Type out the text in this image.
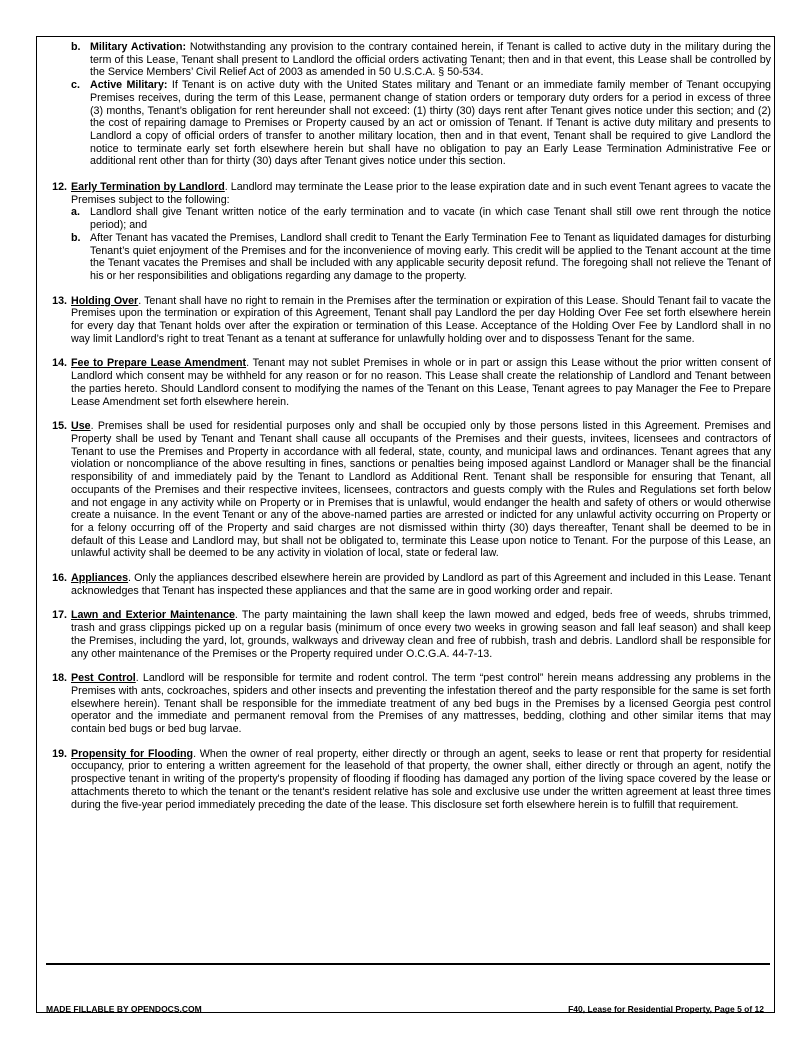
b. Military Activation: Notwithstanding any provision to the contrary contained herein, if Tenant is called to active duty in the military during the term of this Lease, Tenant shall present to Landlord the official orders activating Tenant; then and in that event, this Lease shall be controlled by the Service Members’ Civil Relief Act of 2003 as amended in 50 U.S.C.A. § 50-534.
c. Active Military: If Tenant is on active duty with the United States military and Tenant or an immediate family member of Tenant occupying Premises receives, during the term of this Lease, permanent change of station orders or temporary duty orders for a period in excess of three (3) months, Tenant’s obligation for rent hereunder shall not exceed: (1) thirty (30) days rent after Tenant gives notice under this section; and (2) the cost of repairing damage to Premises or Property caused by an act or omission of Tenant. If Tenant is active duty military and presents to Landlord a copy of official orders of transfer to another military location, then and in that event, Tenant shall be required to give Landlord the notice to terminate early set forth elsewhere herein but shall have no obligation to pay an Early Lease Termination Administrative Fee or additional rent other than for thirty (30) days after Tenant gives notice under this section.
12. Early Termination by Landlord. Landlord may terminate the Lease prior to the lease expiration date and in such event Tenant agrees to vacate the Premises subject to the following:
a. Landlord shall give Tenant written notice of the early termination and to vacate (in which case Tenant shall still owe rent through the notice period); and
b. After Tenant has vacated the Premises, Landlord shall credit to Tenant the Early Termination Fee to Tenant as liquidated damages for disturbing Tenant’s quiet enjoyment of the Premises and for the inconvenience of moving early. This credit will be applied to the Tenant account at the time the Tenant vacates the Premises and shall be included with any applicable security deposit refund. The foregoing shall not relieve the Tenant of his or her responsibilities and obligations regarding any damage to the property.
13. Holding Over. Tenant shall have no right to remain in the Premises after the termination or expiration of this Lease. Should Tenant fail to vacate the Premises upon the termination or expiration of this Agreement, Tenant shall pay Landlord the per day Holding Over Fee set forth elsewhere herein for every day that Tenant holds over after the expiration or termination of this Lease. Acceptance of the Holding Over Fee by Landlord shall in no way limit Landlord’s right to treat Tenant as a tenant at sufferance for unlawfully holding over and to dispossess Tenant for the same.
14. Fee to Prepare Lease Amendment. Tenant may not sublet Premises in whole or in part or assign this Lease without the prior written consent of Landlord which consent may be withheld for any reason or for no reason. This Lease shall create the relationship of Landlord and Tenant between the parties hereto. Should Landlord consent to modifying the names of the Tenant on this Lease, Tenant agrees to pay Manager the Fee to Prepare Lease Amendment set forth elsewhere herein.
15. Use. Premises shall be used for residential purposes only and shall be occupied only by those persons listed in this Agreement. Premises and Property shall be used by Tenant and Tenant shall cause all occupants of the Premises and their guests, invitees, licensees and contractors of Tenant to use the Premises and Property in accordance with all federal, state, county, and municipal laws and ordinances. Tenant agrees that any violation or noncompliance of the above resulting in fines, sanctions or penalties being imposed against Landlord or Manager shall be the financial responsibility of and immediately paid by the Tenant to Landlord as Additional Rent. Tenant shall be responsible for ensuring that Tenant, all occupants of the Premises and their respective invitees, licensees, contractors and guests comply with the Rules and Regulations set forth below and not engage in any activity while on Property or in Premises that is unlawful, would endanger the health and safety of others or would otherwise create a nuisance. In the event Tenant or any of the above-named parties are arrested or indicted for any unlawful activity occurring on Property or for a felony occurring off of the Property and said charges are not dismissed within thirty (30) days thereafter, Tenant shall be deemed to be in default of this Lease and Landlord may, but shall not be obligated to, terminate this Lease upon notice to Tenant. For the purpose of this Lease, an unlawful activity shall be deemed to be any activity in violation of local, state or federal law.
16. Appliances. Only the appliances described elsewhere herein are provided by Landlord as part of this Agreement and included in this Lease. Tenant acknowledges that Tenant has inspected these appliances and that the same are in good working order and repair.
17. Lawn and Exterior Maintenance. The party maintaining the lawn shall keep the lawn mowed and edged, beds free of weeds, shrubs trimmed, trash and grass clippings picked up on a regular basis (minimum of once every two weeks in growing season and fall leaf season) and shall keep the Premises, including the yard, lot, grounds, walkways and driveway clean and free of rubbish, trash and debris. Landlord shall be responsible for any other maintenance of the Premises or the Property required under O.C.G.A. 44-7-13.
18. Pest Control. Landlord will be responsible for termite and rodent control. The term “pest control” herein means addressing any problems in the Premises with ants, cockroaches, spiders and other insects and preventing the infestation thereof and the party responsible for the same is set forth elsewhere herein). Tenant shall be responsible for the immediate treatment of any bed bugs in the Premises by a licensed Georgia pest control operator and the immediate and permanent removal from the Premises of any mattresses, bedding, clothing and other similar items that may contain bed bugs or bed bug larvae.
19. Propensity for Flooding. When the owner of real property, either directly or through an agent, seeks to lease or rent that property for residential occupancy, prior to entering a written agreement for the leasehold of that property, the owner shall, either directly or through an agent, notify the prospective tenant in writing of the property's propensity of flooding if flooding has damaged any portion of the living space covered by the lease or attachments thereto to which the tenant or the tenant's resident relative has sole and exclusive use under the written agreement at least three times during the five-year period immediately preceding the date of the lease. This disclosure set forth elsewhere herein is to fulfill that requirement.
MADE FILLABLE BY OPENDOCS.COM	F40, Lease for Residential Property, Page 5 of 12
